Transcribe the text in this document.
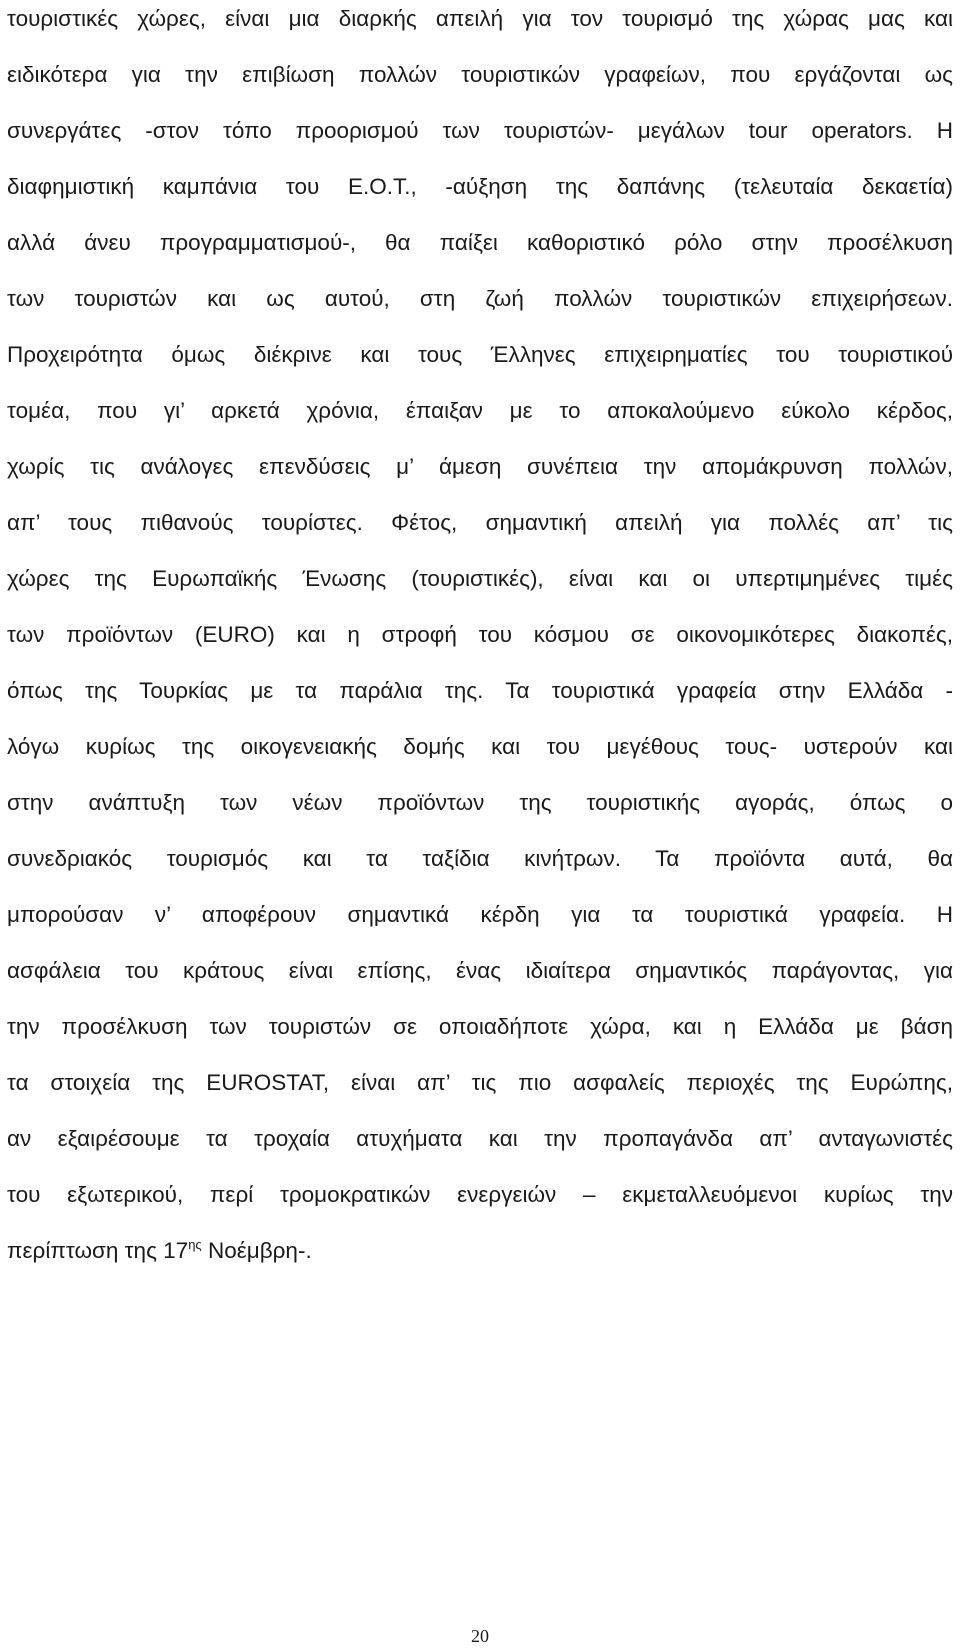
τουριστικές χώρες, είναι μια διαρκής απειλή για τον τουρισμό της χώρας μας και
ειδικότερα για την επιβίωση πολλών τουριστικών γραφείων, που εργάζονται ως
συνεργάτες -στον τόπο προορισμού των τουριστών- μεγάλων tour operators. Η
διαφημιστική καμπάνια του Ε.Ο.Τ., -αύξηση της δαπάνης (τελευταία δεκαετία)
αλλά άνευ προγραμματισμού-, θα παίξει καθοριστικό ρόλο στην προσέλκυση
των τουριστών και ως αυτού, στη ζωή πολλών τουριστικών επιχειρήσεων.
Προχειρότητα όμως διέκρινε και τους Έλληνες επιχειρηματίες του τουριστικού
τομέα, που γι’ αρκετά χρόνια, έπαιξαν με το αποκαλούμενο εύκολο κέρδος,
χωρίς τις ανάλογες επενδύσεις μ’ άμεση συνέπεια την απομάκρυνση πολλών,
απ’ τους πιθανούς τουρίστες. Φέτος, σημαντική απειλή για πολλές απ’ τις
χώρες της Ευρωπαϊκής Ένωσης (τουριστικές), είναι και οι υπερτιμημένες τιμές
των προϊόντων (EURO) και η στροφή του κόσμου σε οικονομικότερες διακοπές,
όπως της Τουρκίας με τα παράλια της. Τα τουριστικά γραφεία στην Ελλάδα -
λόγω κυρίως της οικογενειακής δομής και του μεγέθους τους- υστερούν και
στην ανάπτυξη των νέων προϊόντων της τουριστικής αγοράς, όπως ο
συνεδριακός τουρισμός και τα ταξίδια κινήτρων. Τα προϊόντα αυτά, θα
μπορούσαν ν’ αποφέρουν σημαντικά κέρδη για τα τουριστικά γραφεία. Η
ασφάλεια του κράτους είναι επίσης, ένας ιδιαίτερα σημαντικός παράγοντας, για
την προσέλκυση των τουριστών σε οποιαδήποτε χώρα, και η Ελλάδα με βάση
τα στοιχεία της EUROSTAT, είναι απ’ τις πιο ασφαλείς περιοχές της Ευρώπης,
αν εξαιρέσουμε τα τροχαία ατυχήματα και την προπαγάνδα απ’ ανταγωνιστές
του εξωτερικού, περί τρομοκρατικών ενεργειών – εκμεταλλευόμενοι κυρίως την
περίπτωση της $17^{\eta\varsigma}$ Νοέμβρη-.
20
